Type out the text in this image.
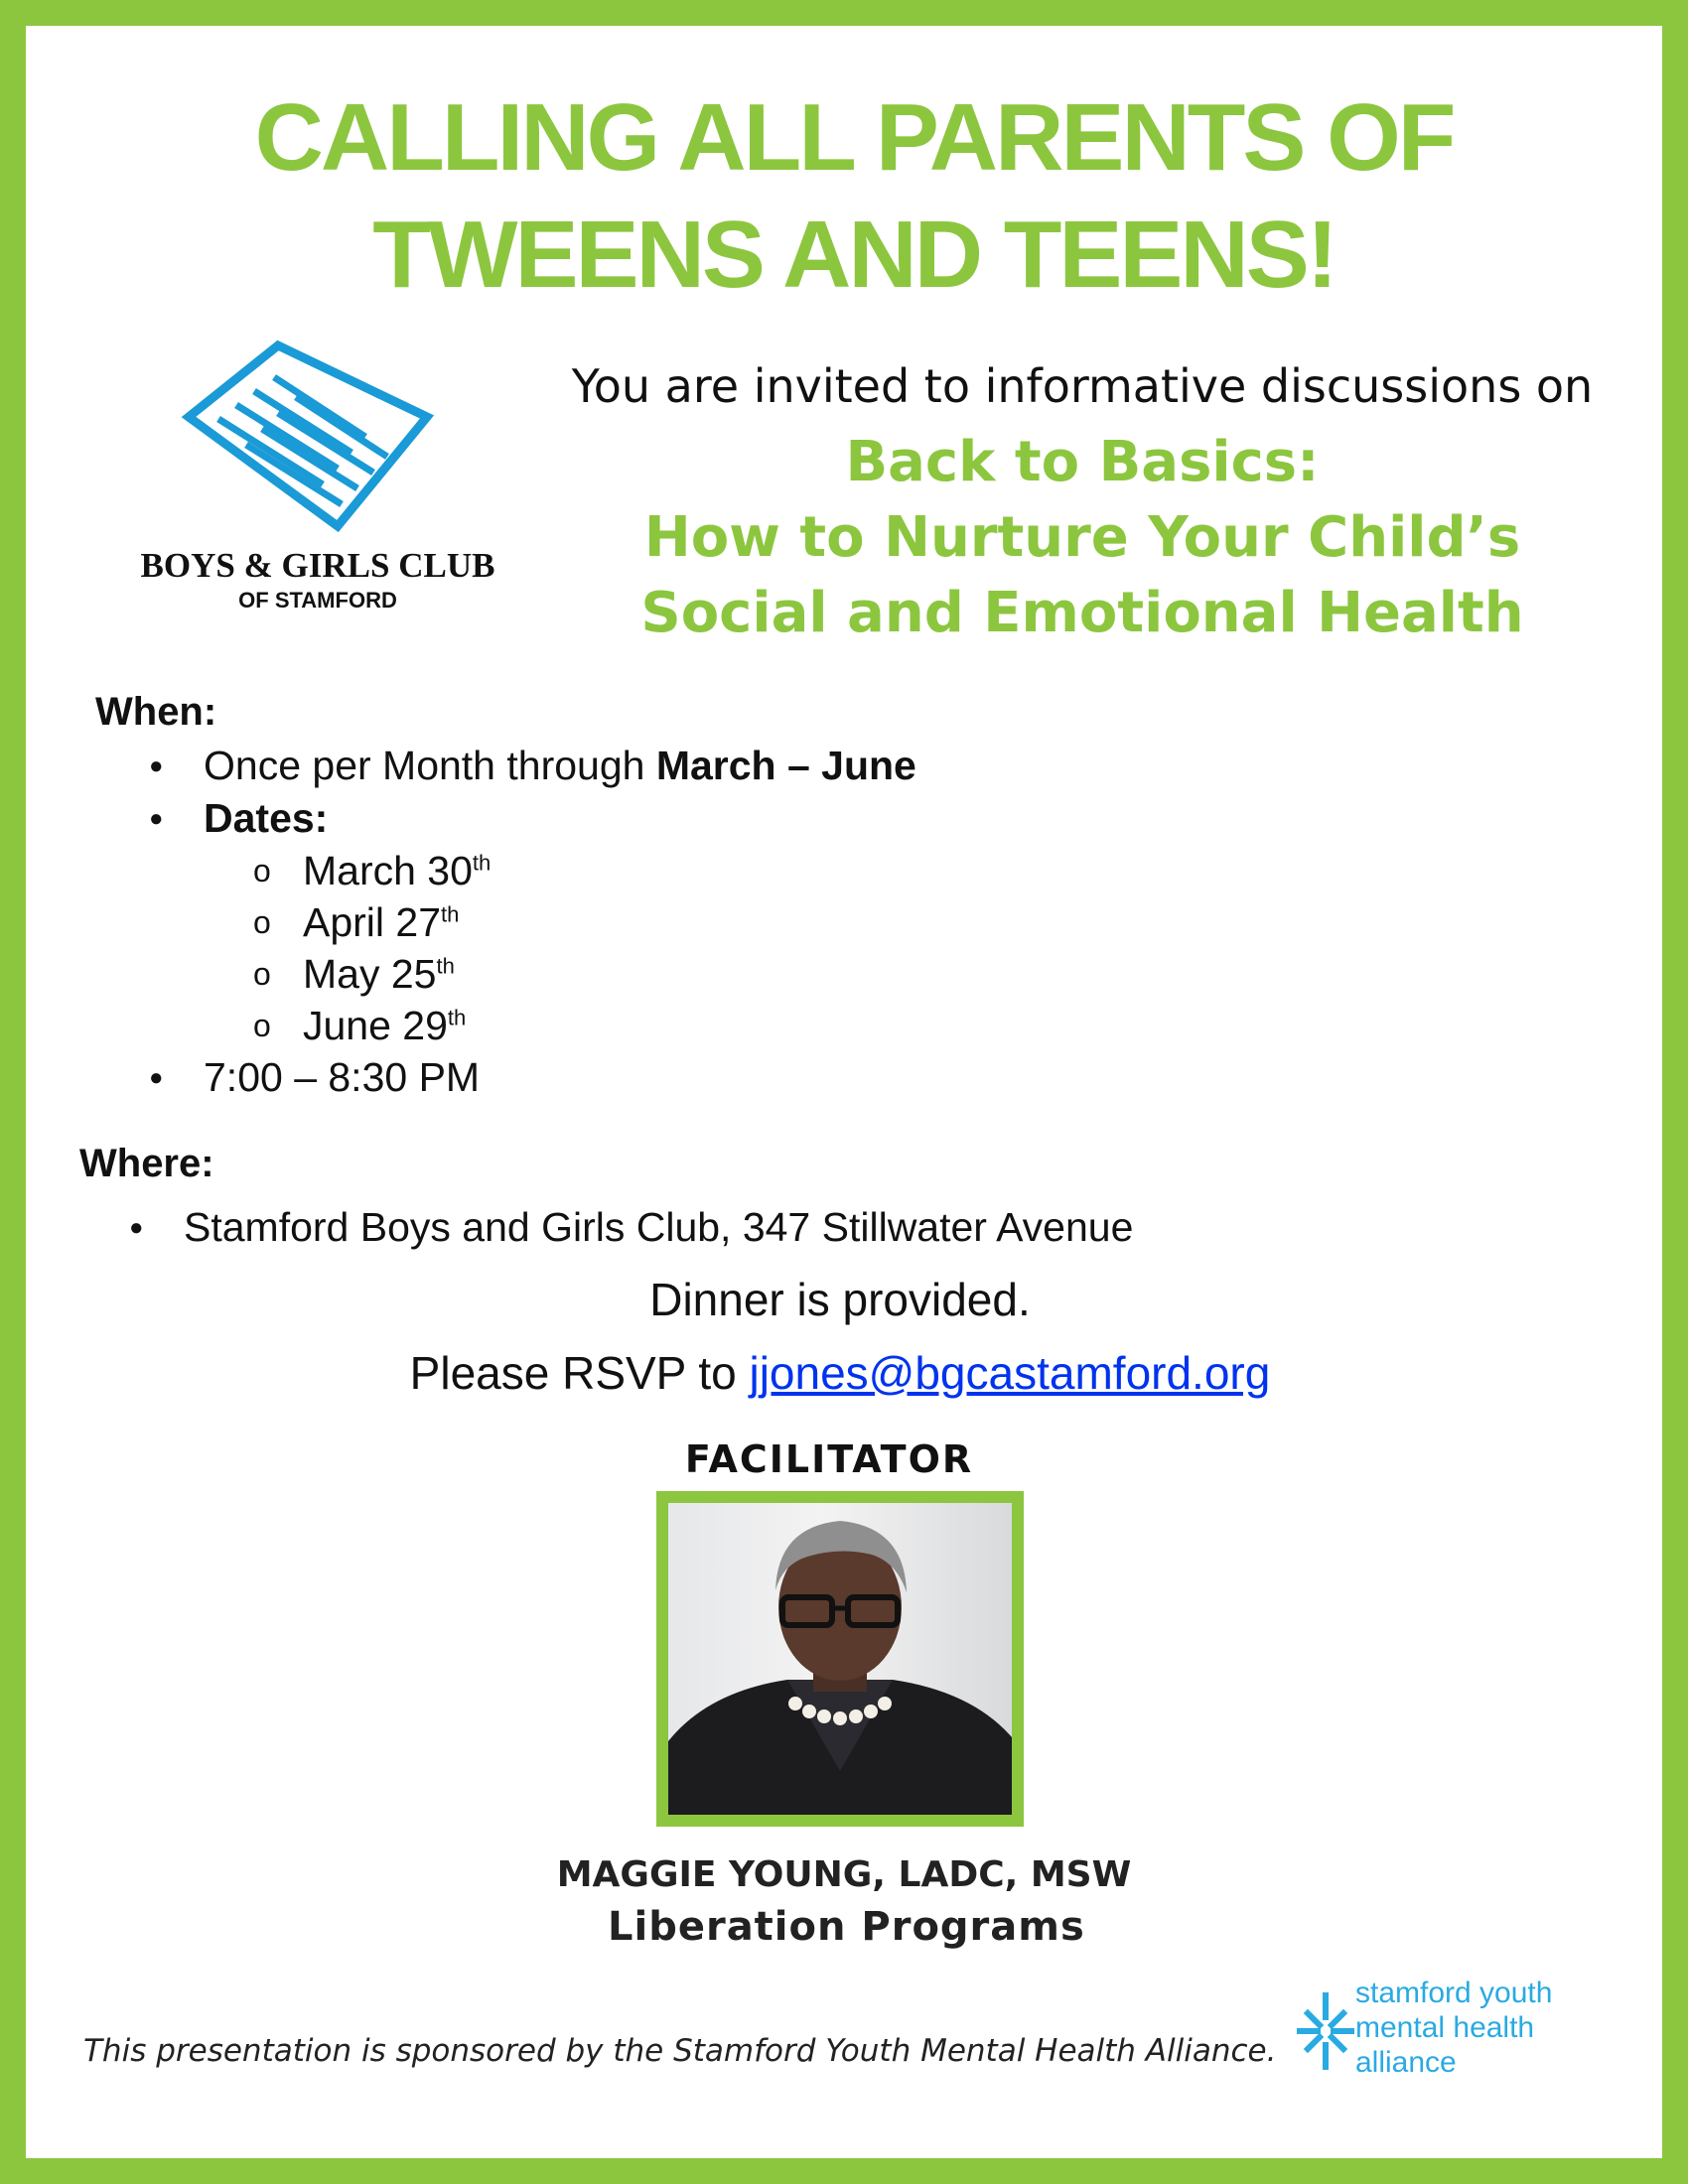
CALLING ALL PARENTS OF
TWEENS AND TEENS!
BOYS & GIRLS CLUB
OF STAMFORD
You are invited to informative discussions on
Back to Basics:
How to Nurture Your Child’s
Social and Emotional Health
When:
● Once per Month through March – June
● Dates:
o March 30th
o April 27th
o May 25th
o June 29th
● 7:00 – 8:30 PM
Where:
● Stamford Boys and Girls Club, 347 Stillwater Avenue
Dinner is provided.
Please RSVP to jjones@bgcastamford.org
FACILITATOR
MAGGIE YOUNG, LADC, MSW
Liberation Programs
This presentation is sponsored by the Stamford Youth Mental Health Alliance.
stamford youth
mental health
alliance
